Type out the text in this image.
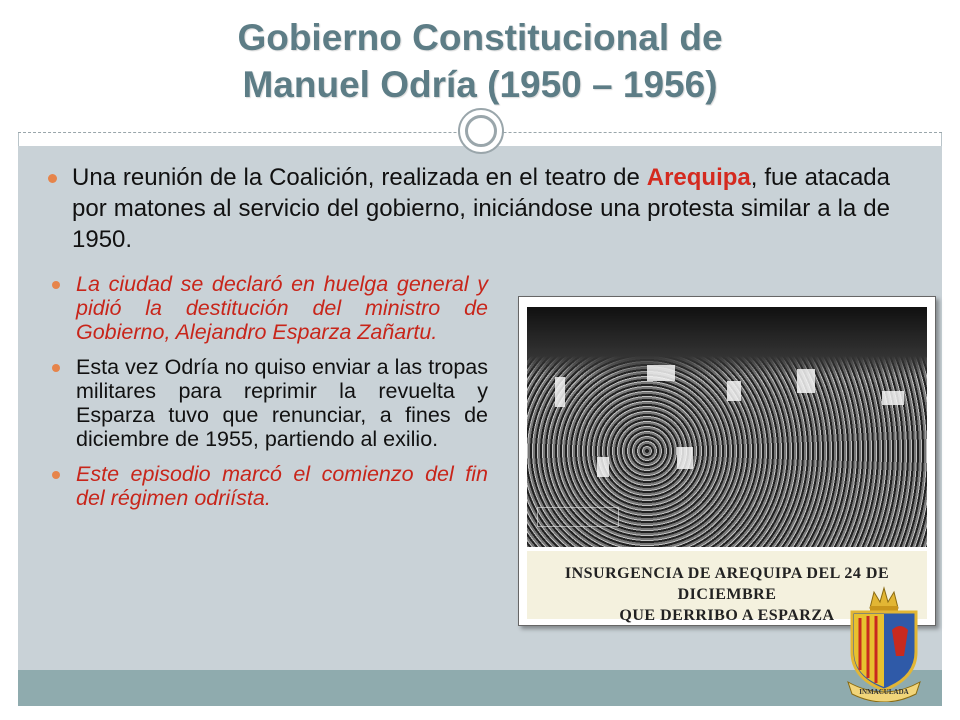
Gobierno Constitucional de
Manuel Odría (1950 – 1956)
Una reunión de la Coalición, realizada en el teatro de Arequipa, fue atacada por matones al servicio del gobierno, iniciándose una protesta similar a la de 1950.
La ciudad se declaró en huelga general y pidió la destitución del ministro de Gobierno, Alejandro Esparza Zañartu.
Esta vez Odría no quiso enviar a las tropas militares para reprimir la revuelta y Esparza tuvo que renunciar, a fines de diciembre de 1955, partiendo al exilio.
Este episodio marcó el comienzo del fin del régimen odriísta.
INSURGENCIA DE AREQUIPA DEL 24 DE DICIEMBRE
QUE DERRIBO A ESPARZA
INMACULADA
